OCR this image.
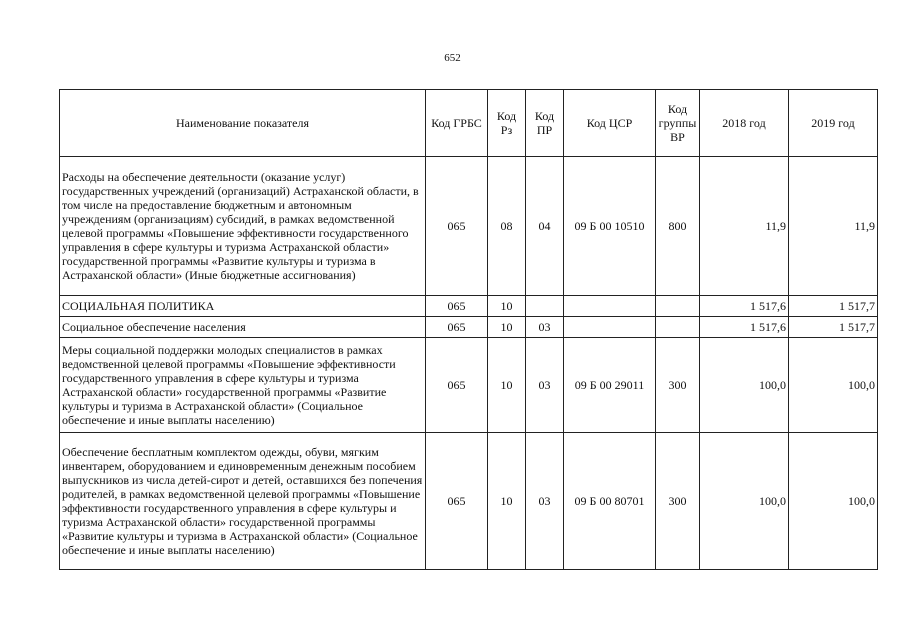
652
Наименование показателя	Код ГРБС	Код Рз	Код ПР	Код ЦСР	Код группы ВР	2018 год	2019 год
Расходы на обеспечение деятельности (оказание услуг) государственных учреждений (организаций) Астраханской области, в том числе на предоставление бюджетным и автономным учреждениям (организациям) субсидий, в рамках ведомственной целевой программы «Повышение эффективности государственного управления в сфере культуры и туризма Астраханской области» государственной программы «Развитие культуры и туризма в Астраханской области» (Иные бюджетные ассигнования)	065	08	04	09 Б 00 10510	800	11,9	11,9
СОЦИАЛЬНАЯ ПОЛИТИКА	065	10				1 517,6	1 517,7
Социальное обеспечение населения	065	10	03			1 517,6	1 517,7
Меры социальной поддержки молодых специалистов в рамках ведомственной целевой программы «Повышение эффективности государственного управления в сфере культуры и туризма Астраханской области» государственной программы «Развитие культуры и туризма в Астраханской области» (Социальное обеспечение и иные выплаты населению)	065	10	03	09 Б 00 29011	300	100,0	100,0
Обеспечение бесплатным комплектом одежды, обуви, мягким инвентарем, оборудованием и единовременным денежным пособием выпускников из числа детей-сирот и детей, оставшихся без попечения родителей, в рамках ведомственной целевой программы «Повышение эффективности государственного управления в сфере культуры и туризма Астраханской области» государственной программы «Развитие культуры и туризма в Астраханской области» (Социальное обеспечение и иные выплаты населению)	065	10	03	09 Б 00 80701	300	100,0	100,0
